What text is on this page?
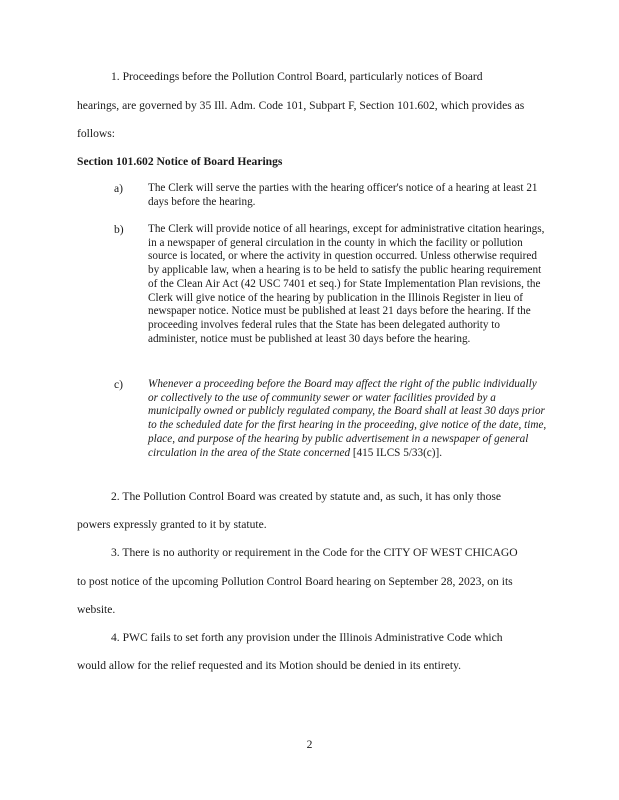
1. Proceedings before the Pollution Control Board, particularly notices of Board
hearings, are governed by 35 Ill. Adm. Code 101, Subpart F, Section 101.602, which provides as
follows:
Section 101.602 Notice of Board Hearings
a) The Clerk will serve the parties with the hearing officer's notice of a hearing at least 21 days before the hearing.
b) The Clerk will provide notice of all hearings, except for administrative citation hearings, in a newspaper of general circulation in the county in which the facility or pollution source is located, or where the activity in question occurred. Unless otherwise required by applicable law, when a hearing is to be held to satisfy the public hearing requirement of the Clean Air Act (42 USC 7401 et seq.) for State Implementation Plan revisions, the Clerk will give notice of the hearing by publication in the Illinois Register in lieu of newspaper notice. Notice must be published at least 21 days before the hearing. If the proceeding involves federal rules that the State has been delegated authority to administer, notice must be published at least 30 days before the hearing.
c) Whenever a proceeding before the Board may affect the right of the public individually or collectively to the use of community sewer or water facilities provided by a municipally owned or publicly regulated company, the Board shall at least 30 days prior to the scheduled date for the first hearing in the proceeding, give notice of the date, time, place, and purpose of the hearing by public advertisement in a newspaper of general circulation in the area of the State concerned [415 ILCS 5/33(c)].
2. The Pollution Control Board was created by statute and, as such, it has only those
powers expressly granted to it by statute.
3. There is no authority or requirement in the Code for the CITY OF WEST CHICAGO
to post notice of the upcoming Pollution Control Board hearing on September 28, 2023, on its
website.
4. PWC fails to set forth any provision under the Illinois Administrative Code which
would allow for the relief requested and its Motion should be denied in its entirety.
2
